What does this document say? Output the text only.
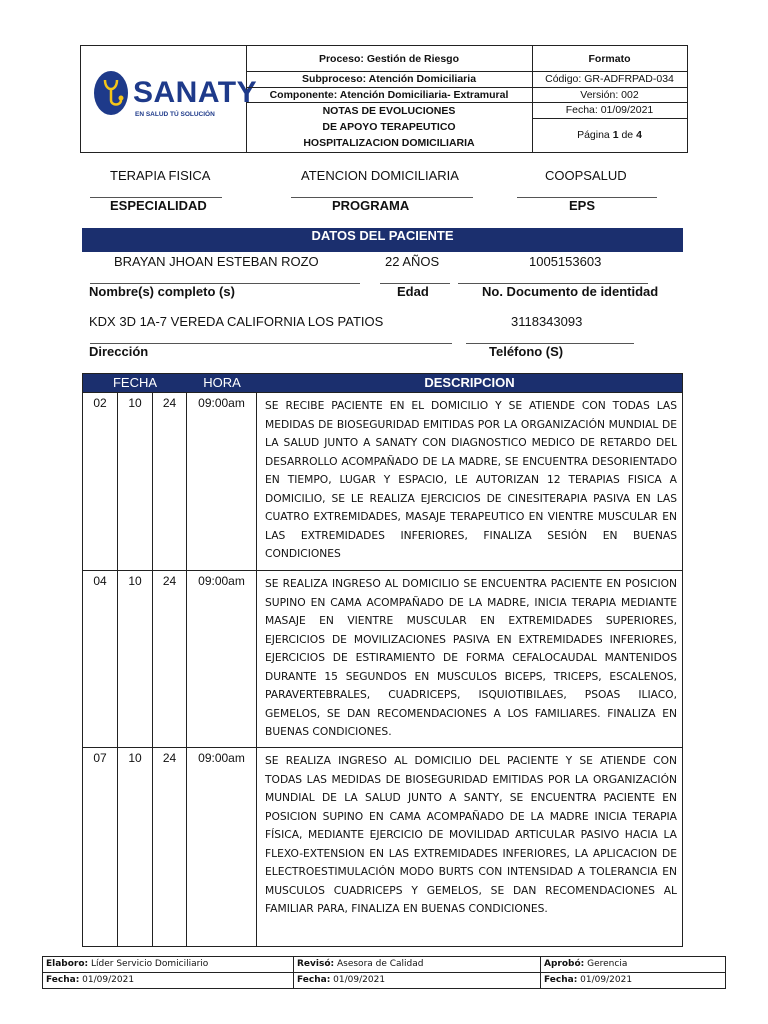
SANATY
EN SALUD TÚ SOLUCIÓN
Proceso: Gestión de Riesgo
Subproceso: Atención Domiciliaria
Componente: Atención Domiciliaria- Extramural
NOTAS DE EVOLUCIONES
DE APOYO TERAPEUTICO
HOSPITALIZACION DOMICILIARIA
Formato
Código: GR-ADFRPAD-034
Versión: 002
Fecha: 01/09/2021
Página 1 de 4
TERAPIA FISICA
ESPECIALIDAD
ATENCION DOMICILIARIA
PROGRAMA
COOPSALUD
EPS
DATOS DEL PACIENTE
BRAYAN JHOAN ESTEBAN ROZO
Nombre(s) completo (s)
22 AÑOS
Edad
1005153603
No. Documento de identidad
KDX 3D 1A-7 VEREDA CALIFORNIA LOS PATIOS
Dirección
3118343093
Teléfono (S)
FECHA	HORA	DESCRIPCION
02	10	24	09:00am	SE RECIBE PACIENTE EN EL DOMICILIO Y SE ATIENDE CON TODAS LAS MEDIDAS DE BIOSEGURIDAD EMITIDAS POR LA ORGANIZACIÓN MUNDIAL DE LA SALUD JUNTO A SANATY CON DIAGNOSTICO MEDICO DE RETARDO DEL DESARROLLO ACOMPAÑADO DE LA MADRE, SE ENCUENTRA DESORIENTADO EN TIEMPO, LUGAR Y ESPACIO, LE AUTORIZAN 12 TERAPIAS FISICA A DOMICILIO, SE LE REALIZA EJERCICIOS DE CINESITERAPIA PASIVA EN LAS CUATRO EXTREMIDADES, MASAJE TERAPEUTICO EN VIENTRE MUSCULAR EN LAS EXTREMIDADES INFERIORES, FINALIZA SESIÓN EN BUENAS CONDICIONES
04	10	24	09:00am	SE REALIZA INGRESO AL DOMICILIO SE ENCUENTRA PACIENTE EN POSICION SUPINO EN CAMA ACOMPAÑADO DE LA MADRE, INICIA TERAPIA MEDIANTE MASAJE EN VIENTRE MUSCULAR EN EXTREMIDADES SUPERIORES, EJERCICIOS DE MOVILIZACIONES PASIVA EN EXTREMIDADES INFERIORES, EJERCICIOS DE ESTIRAMIENTO DE FORMA CEFALOCAUDAL MANTENIDOS DURANTE 15 SEGUNDOS EN MUSCULOS BICEPS, TRICEPS, ESCALENOS, PARAVERTEBRALES, CUADRICEPS, ISQUIOTIBILAES, PSOAS ILIACO, GEMELOS, SE DAN RECOMENDACIONES A LOS FAMILIARES. FINALIZA EN BUENAS CONDICIONES.
07	10	24	09:00am	SE REALIZA INGRESO AL DOMICILIO DEL PACIENTE Y SE ATIENDE CON TODAS LAS MEDIDAS DE BIOSEGURIDAD EMITIDAS POR LA ORGANIZACIÓN MUNDIAL DE LA SALUD JUNTO A SANTY, SE ENCUENTRA PACIENTE EN POSICION SUPINO EN CAMA ACOMPAÑADO DE LA MADRE INICIA TERAPIA FÍSICA, MEDIANTE EJERCICIO DE MOVILIDAD ARTICULAR PASIVO HACIA LA FLEXO-EXTENSION EN LAS EXTREMIDADES INFERIORES, LA APLICACION DE ELECTROESTIMULACIÓN MODO BURTS CON INTENSIDAD A TOLERANCIA EN MUSCULOS CUADRICEPS Y GEMELOS, SE DAN RECOMENDACIONES AL FAMILIAR PARA, FINALIZA EN BUENAS CONDICIONES.
Elaboro: Líder Servicio Domiciliario	Revisó: Asesora de Calidad	Aprobó: Gerencia
Fecha: 01/09/2021	Fecha: 01/09/2021	Fecha: 01/09/2021
